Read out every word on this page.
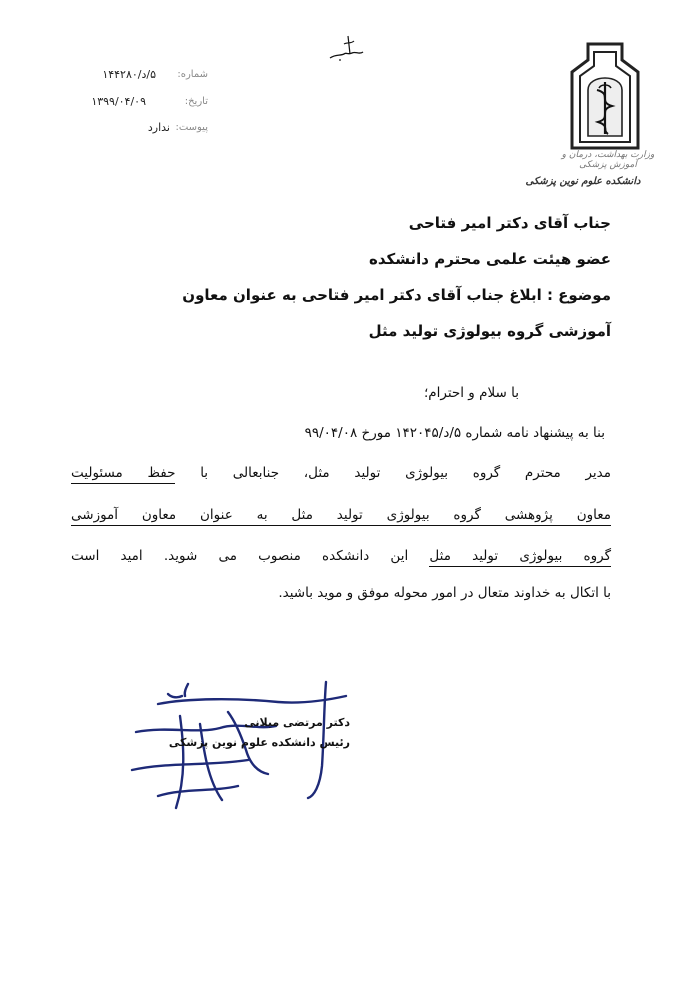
شماره:
۵/د/۱۴۴۲۸۰
تاریخ:
۱۳۹۹/۰۴/۰۹
پیوست:
ندارد
وزارت بهداشت، درمان و آموزش پزشکی
دانشکده علوم نوین پزشکی
جناب آقای دکتر امیر فتاحی
عضو هیئت علمی محترم دانشکده
موضوع : ابلاغ جناب آقای دکتر امیر فتاحی به عنوان معاون
آموزشی گروه بیولوژی تولید مثل
با سلام و احترام؛
بنا به پیشنهاد نامه شماره ۵/د/۱۴۲۰۴۵ مورخ ۹۹/۰۴/۰۸
مدیر محترم گروه بیولوژی تولید مثل، جنابعالی با حفظ مسئولیت
معاون پژوهشی گروه بیولوژی تولید مثل به عنوان معاون آموزشی
گروه بیولوژی تولید مثل این دانشکده منصوب می شوید. امید است
با اتکال به خداوند متعال در امور محوله موفق و موید باشید.
دکتر مرتضی میلانی
رئیس دانشکده علوم نوین پزشکی
